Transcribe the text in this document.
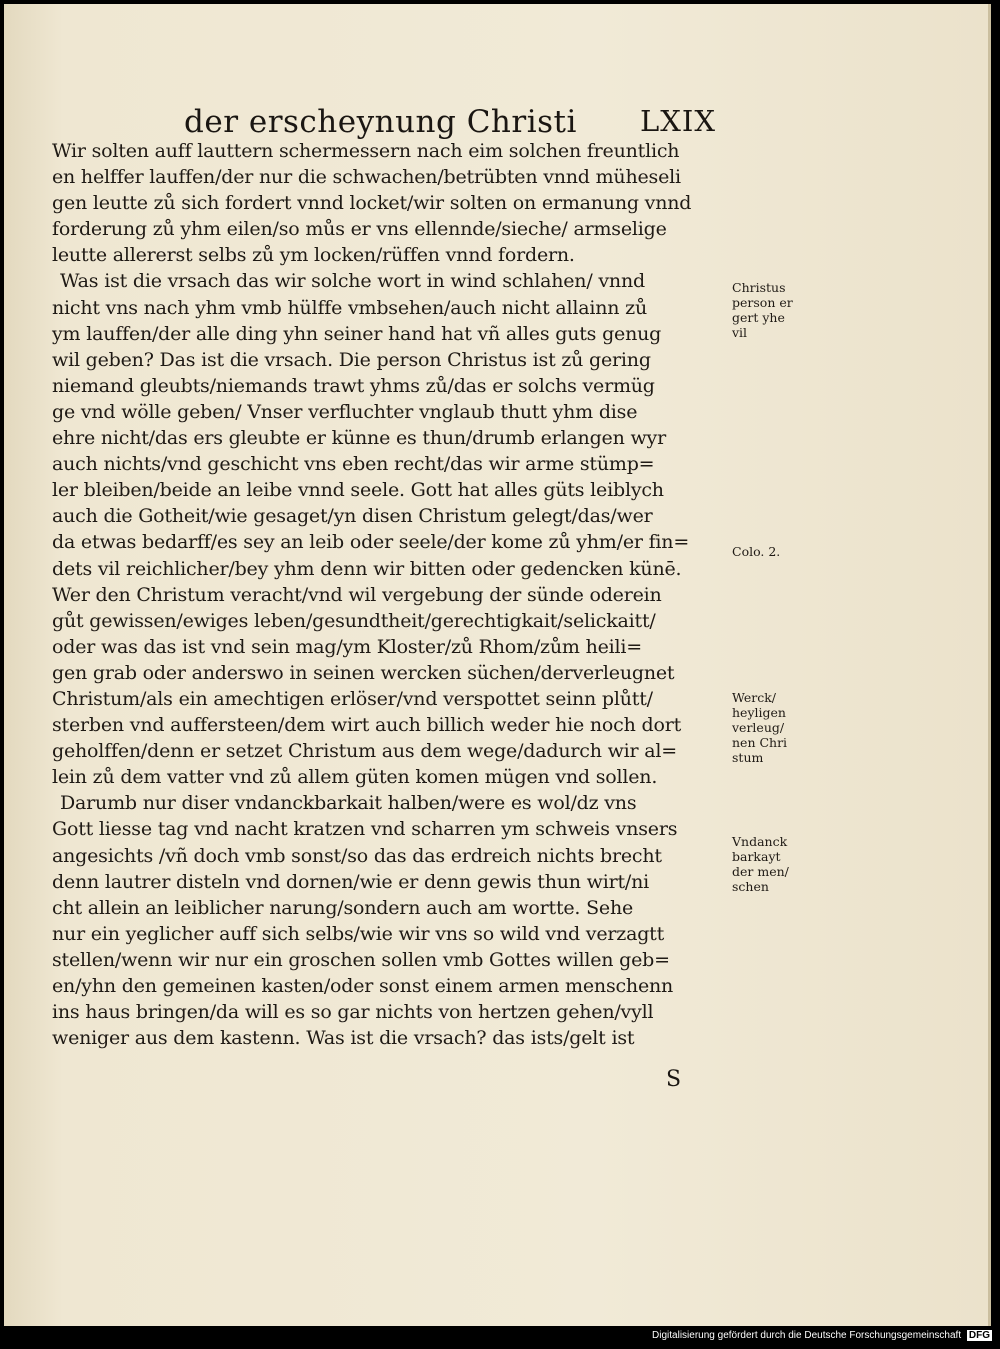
der erscheynung Christi LXIX
Wir solten auff lauttern schermessern nach eim solchen freuntlich
en helffer lauffen/der nur die schwachen/betrübten vnnd müheseli
gen leutte zů sich fordert vnnd locket/wir solten on ermanung vnnd
forderung zů yhm eilen/so můs er vns ellennde/sieche/ armselige
leutte allererst selbs zů ym locken/rüffen vnnd fordern.
Was ist die vrsach das wir solche wort in wind schlahen/ vnnd
nicht vns nach yhm vmb hülffe vmbsehen/auch nicht allainn zů
ym lauffen/der alle ding yhn seiner hand hat vñ alles guts genug
wil geben? Das ist die vrsach. Die person Christus ist zů gering
niemand gleubts/niemands trawt yhms zů/das er solchs vermüg
ge vnd wölle geben/ Vnser verfluchter vnglaub thutt yhm dise
ehre nicht/das ers gleubte er künne es thun/drumb erlangen wyr
auch nichts/vnd geschicht vns eben recht/das wir arme stümp=
ler bleiben/beide an leibe vnnd seele. Gott hat alles güts leiblych
auch die Gotheit/wie gesaget/yn disen Christum gelegt/das/wer
da etwas bedarff/es sey an leib oder seele/der kome zů yhm/er fin=
dets vil reichlicher/bey yhm denn wir bitten oder gedencken künē.
Wer den Christum veracht/vnd wil vergebung der sünde oderein
gůt gewissen/ewiges leben/gesundtheit/gerechtigkait/selickaitt/
oder was das ist vnd sein mag/ym Kloster/zů Rhom/zům heili=
gen grab oder anderswo in seinen wercken süchen/derverleugnet
Christum/als ein amechtigen erlöser/vnd verspottet seinn plůtt/
sterben vnd auffersteen/dem wirt auch billich weder hie noch dort
geholffen/denn er setzet Christum aus dem wege/dadurch wir al=
lein zů dem vatter vnd zů allem güten komen mügen vnd sollen.
Darumb nur diser vndanckbarkait halben/were es wol/dz vns
Gott liesse tag vnd nacht kratzen vnd scharren ym schweis vnsers
angesichts /vñ doch vmb sonst/so das das erdreich nichts brecht
denn lautrer disteln vnd dornen/wie er denn gewis thun wirt/ni
cht allein an leiblicher narung/sondern auch am wortte. Sehe
nur ein yeglicher auff sich selbs/wie wir vns so wild vnd verzagtt
stellen/wenn wir nur ein groschen sollen vmb Gottes willen geb=
en/yhn den gemeinen kasten/oder sonst einem armen menschenn
ins haus bringen/da will es so gar nichts von hertzen gehen/vyll
weniger aus dem kastenn. Was ist die vrsach? das ists/gelt ist
Christus
person er
gert yhe
vil
Colo. 2.
Werck/
heyligen
verleug/
nen Chri
stum
Vndanck
barkayt
der men/
schen
S
Digitalisierung gefördert durch die Deutsche Forschungsgemeinschaft DFG
